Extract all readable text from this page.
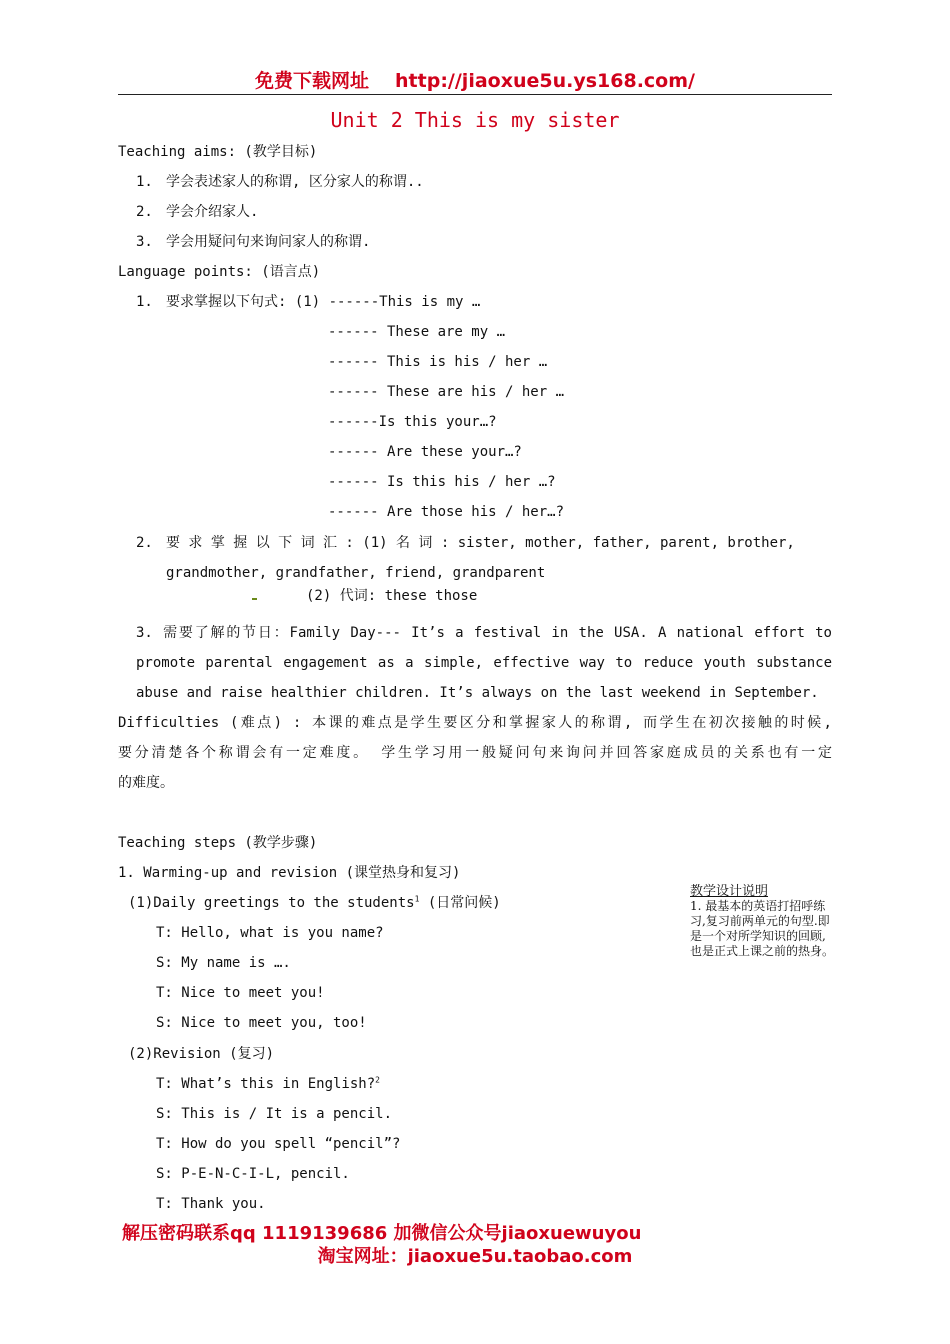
免费下载网址 http://jiaoxue5u.ys168.com/
Unit 2 This is my sister
Teaching aims: (教学目标)
1. 学会表述家人的称谓, 区分家人的称谓..
2. 学会介绍家人.
3. 学会用疑问句来询问家人的称谓.
Language points: (语言点)
1. 要求掌握以下句式: (1) ------This is my …
------ These are my …
------ This is his / her …
------ These are his / her …
------Is this your…?
------ Are these your…?
------ Is this his / her …?
------ Are those his / her…?
2. 要 求 掌 握 以 下 词 汇 : (1) 名 词 : sister, mother, father, parent, brother,
grandmother, grandfather, friend, grandparent
(2) 代词: these those
3. 需要了解的节日：Family Day--- It’s a festival in the USA. A national effort to
promote parental engagement as a simple, effective way to reduce youth substance
abuse and raise healthier children. It’s always on the last weekend in September.
Difficulties (难点) : 本课的难点是学生要区分和掌握家人的称谓, 而学生在初次接触的时候,
要分清楚各个称谓会有一定难度。 学生学习用一般疑问句来询问并回答家庭成员的关系也有一定
的难度。
Teaching steps (教学步骤)
1. Warming-up and revision (课堂热身和复习)
(1)Daily greetings to the students$^1$ (日常问候)
T: Hello, what is you name?
S: My name is ….
T: Nice to meet you!
S: Nice to meet you, too!
(2)Revision (复习)
T: What’s this in English?$^2$
S: This is / It is a pencil.
T: How do you spell “pencil”?
S: P-E-N-C-I-L, pencil.
T: Thank you.
教学设计说明
1. 最基本的英语打招呼练习,复习前两单元的句型.即是一个对所学知识的回顾,也是正式上课之前的热身。
解压密码联系qq 1119139686 加微信公众号jiaoxuewuyou
淘宝网址：jiaoxue5u.taobao.com
